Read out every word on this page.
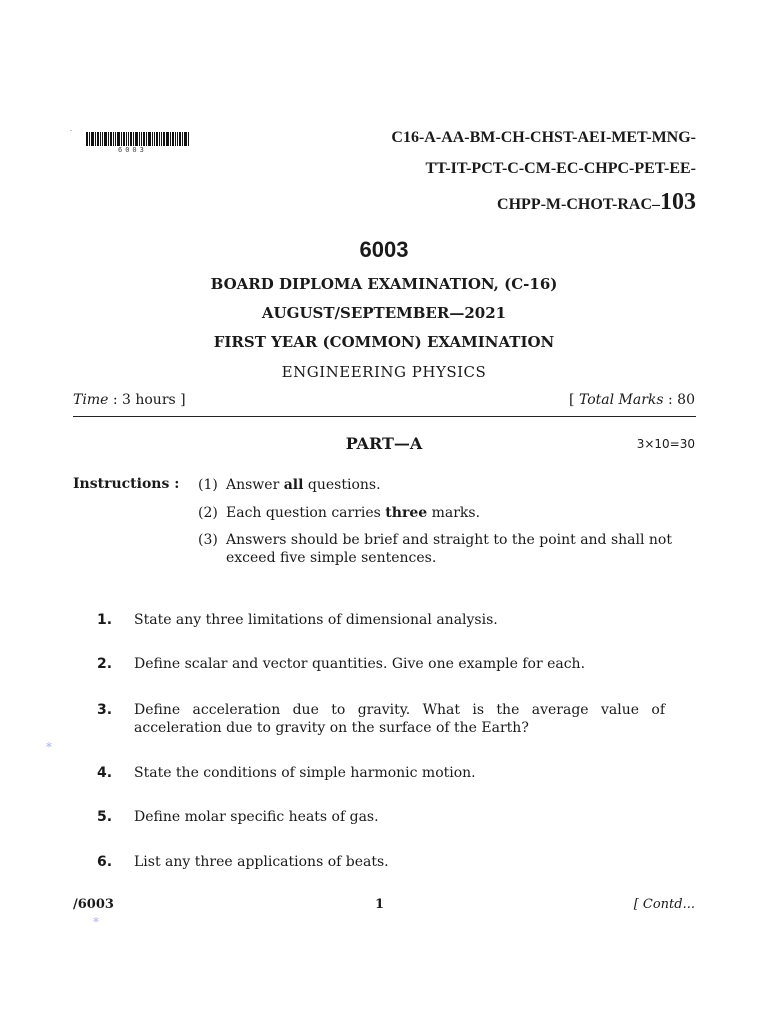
·
6003
C16-A-AA-BM-CH-CHST-AEI-MET-MNG-
TT-IT-PCT-C-CM-EC-CHPC-PET-EE-
CHPP-M-CHOT-RAC–103
6003
BOARD DIPLOMA EXAMINATION, (C-16)
AUGUST/SEPTEMBER—2021
FIRST YEAR (COMMON) EXAMINATION
ENGINEERING PHYSICS
Time : 3 hours ]	[ Total Marks : 80
PART—A	3×10=30
Instructions : (1) Answer all questions.
(2) Each question carries three marks.
(3) Answers should be brief and straight to the point and shall not exceed five simple sentences.
1. State any three limitations of dimensional analysis.
2. Define scalar and vector quantities. Give one example for each.
3. Define acceleration due to gravity. What is the average value of acceleration due to gravity on the surface of the Earth?
4. State the conditions of simple harmonic motion.
5. Define molar specific heats of gas.
6. List any three applications of beats.
*
*
/6003	1	[ Contd...
